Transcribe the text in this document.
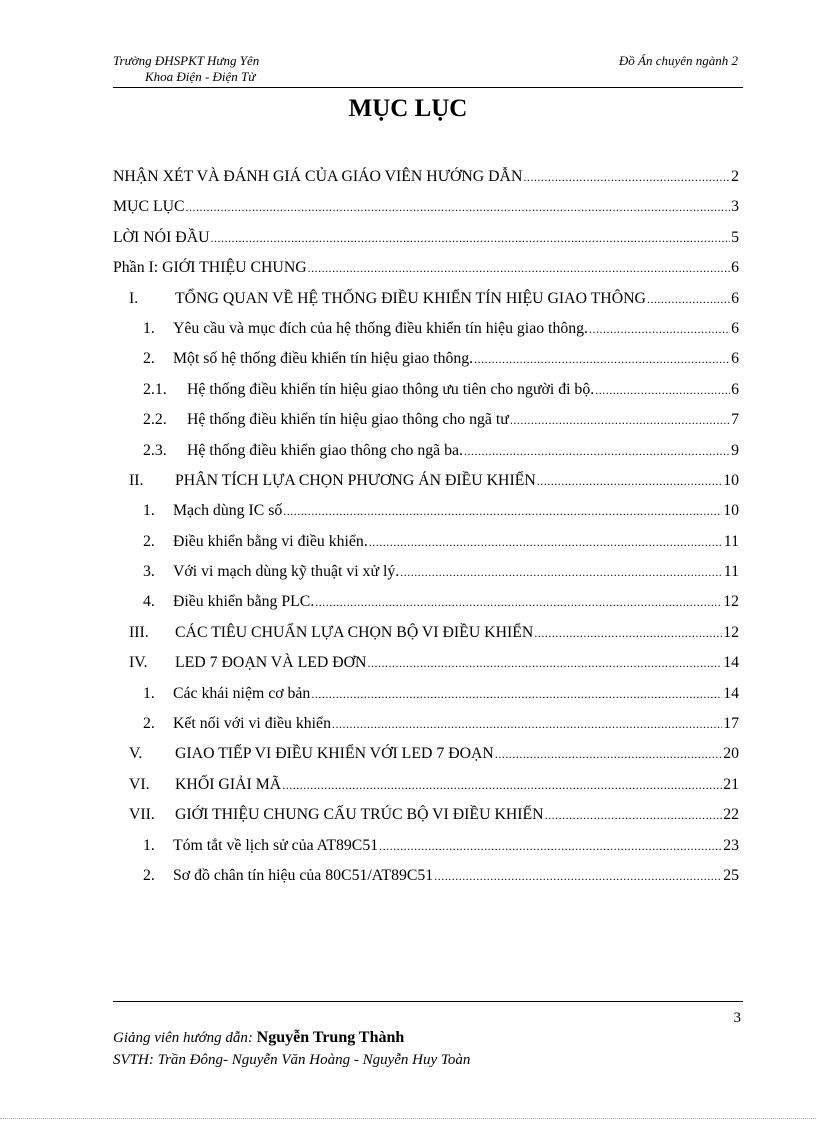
Trường ĐHSPKT Hưng Yên
Khoa Điện - Điện Tử
Đồ Án chuyên ngành 2
MỤC LỤC
NHẬN XÉT VÀ ĐÁNH GIÁ CỦA GIÁO VIÊN HƯỚNG DẪN .....	2
MỤC LỤC .....	3
LỜI NÓI ĐẦU .....	5
Phần I: GIỚI THIỆU CHUNG .....	6
I.	TỔNG QUAN VỀ HỆ THỐNG ĐIỀU KHIỂN TÍN HIỆU GIAO THÔNG .....	6
1.	Yêu cầu và mục đích của hệ thống điều khiển tín hiệu giao thông. .....	6
2.	Một số hệ thống điều khiển tín hiệu giao thông. .....	6
2.1.	Hệ thống điều khiển tín hiệu giao thông ưu tiên cho người đi bộ. .....	6
2.2.	Hệ thống điều khiển tín hiệu giao thông cho ngã tư .....	7
2.3.	Hệ thống điều khiển giao thông cho ngã ba. .....	9
II.	PHÂN TÍCH LỰA CHỌN PHƯƠNG ÁN ĐIỀU KHIỂN .....	10
1.	Mạch dùng IC số .....	10
2.	Điều khiển bằng vi điều khiển. .....	11
3.	Với vi mạch dùng kỹ thuật vi xử lý. .....	11
4.	Điều khiển bằng PLC. .....	12
III.	CÁC TIÊU CHUẨN LỰA CHỌN BỘ VI ĐIỀU KHIỂN .....	12
IV.	LED 7 ĐOẠN VÀ LED ĐƠN .....	14
1.	Các khái niệm cơ bản .....	14
2.	Kết nối với vi điều khiển .....	17
V.	GIAO TIẾP VI ĐIỀU KHIỂN VỚI LED 7 ĐOẠN .....	20
VI.	KHỐI GIẢI MÃ .....	21
VII.	GIỚI THIỆU CHUNG CẤU TRÚC BỘ VI ĐIỀU KHIỂN .....	22
1.	Tóm tắt về lịch sử của AT89C51 .....	23
2.	Sơ đồ chân tín hiệu của 80C51/AT89C51 .....	25
3
Giảng viên hướng dẫn: Nguyễn Trung Thành
SVTH: Trần Đông- Nguyễn Văn Hoàng - Nguyễn Huy Toàn
